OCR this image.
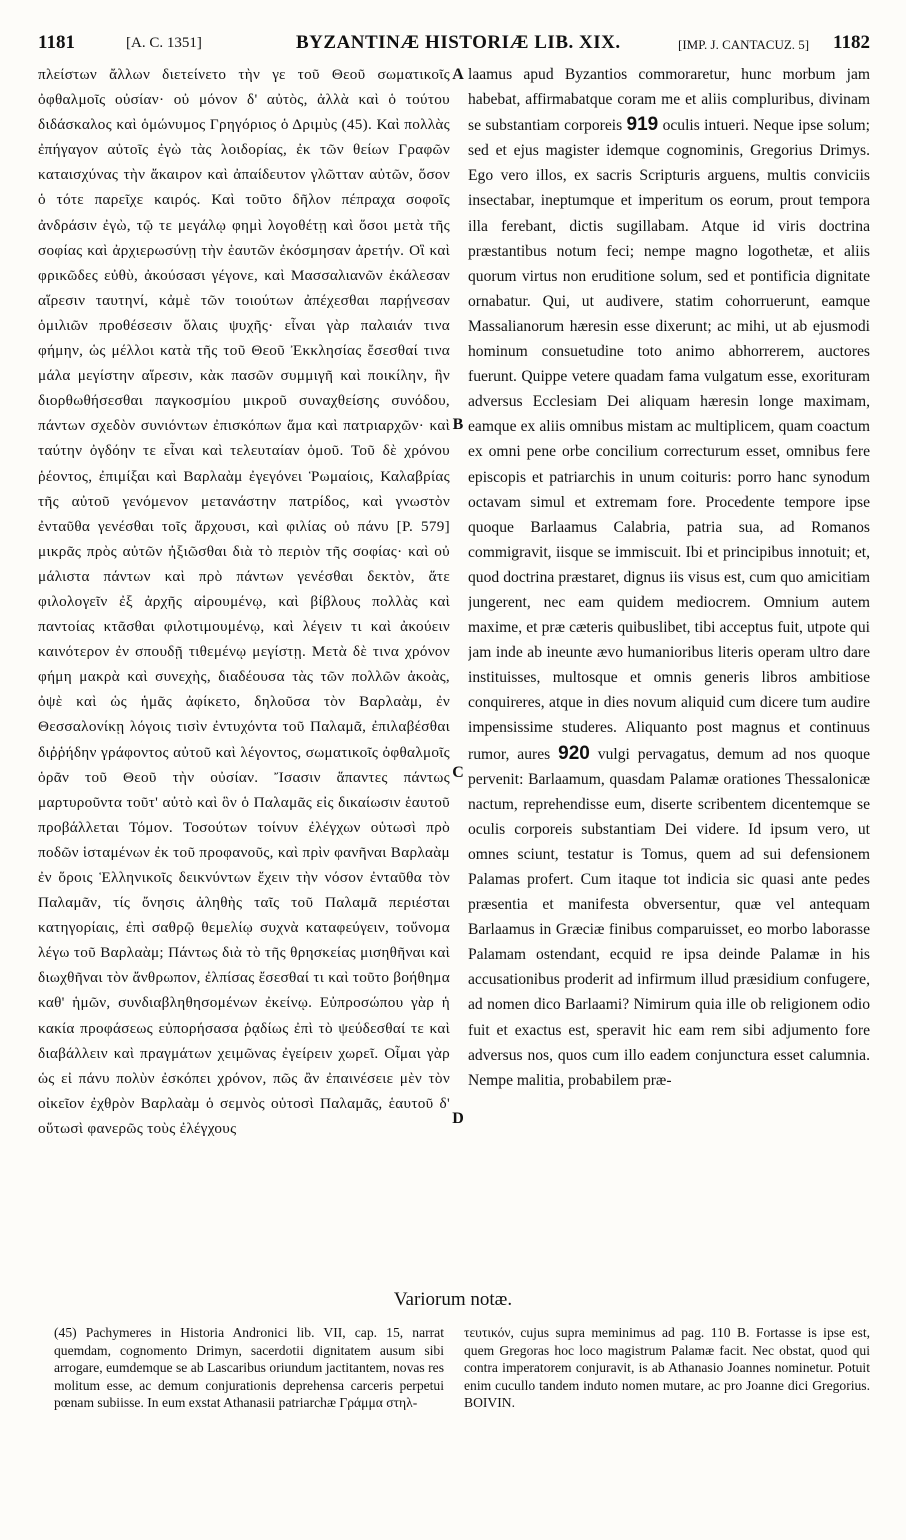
1181	[A. C. 1351]	BYZANTINÆ HISTORIÆ LIB. XIX.	[IMP. J. CANTACUZ. 5] 1182

πλείστων ἄλλων διετείνετο τὴν γε τοῦ Θεοῦ σωματικοῖς ὀφθαλμοῖς οὐσίαν· οὐ μόνον δ' αὐτὸς, ἀλλὰ καὶ ὁ τούτου διδάσκαλος καὶ ὁμώνυμος Γρηγόριος ὁ Δριμὺς (45). Καὶ πολλὰς ἐπήγαγον αὐτοῖς ἐγὼ τὰς λοιδορίας, ἐκ τῶν θείων Γραφῶν καταισχύνας τὴν ἄκαιρον καὶ ἀπαίδευτον γλῶτταν αὐτῶν, ὅσον ὁ τότε παρεῖχε καιρός. Καὶ τοῦτο δῆλον πέπραχα σοφοῖς ἀνδράσιν ἐγὼ, τῷ τε μεγάλῳ φημὶ λογοθέτῃ καὶ ὅσοι μετὰ τῆς σοφίας καὶ ἀρχιερωσύνῃ τὴν ἑαυτῶν ἐκόσμησαν ἀρετήν. Οἳ καὶ φρικῶδες εὐθὺ, ἀκούσασι γέγονε, καὶ Μασσαλιανῶν ἐκάλεσαν αἵρεσιν ταυτηνί, κἀμὲ τῶν τοιούτων ἀπέχεσθαι παρῄνεσαν ὁμιλιῶν προθέσεσιν ὅλαις ψυχῆς· εἶναι γὰρ παλαιάν τινα φήμην, ὡς μέλλοι κατὰ τῆς τοῦ Θεοῦ Ἐκκλησίας ἔσεσθαί τινα μάλα μεγίστην αἵρεσιν, κὰκ πασῶν συμμιγῆ καὶ ποικίλην, ἣν διορθωθήσεσθαι παγκοσμίου μικροῦ συναχθείσης συνόδου, πάντων σχεδὸν συνιόντων ἐπισκόπων ἅμα καὶ πατριαρχῶν· καὶ ταύτην ὀγδόην τε εἶναι καὶ τελευταίαν ὁμοῦ. Τοῦ δὲ χρόνου ῥέοντος, ἐπιμίξαι καὶ Βαρλαὰμ ἐγεγόνει Ῥωμαίοις, Καλαβρίας τῆς αὐτοῦ γενόμενον μετανάστην πατρίδος, καὶ γνωστὸν ἐνταῦθα γενέσθαι τοῖς ἄρχουσι, καὶ φιλίας οὐ πάνυ [P. 579] μικρᾶς πρὸς αὐτῶν ἠξιῶσθαι διὰ τὸ περιὸν τῆς σοφίας· καὶ οὐ μάλιστα πάντων καὶ πρὸ πάντων γενέσθαι δεκτὸν, ἅτε φιλολογεῖν ἐξ ἀρχῆς αἱρουμένῳ, καὶ βίβλους πολλὰς καὶ παντοίας κτᾶσθαι φιλοτιμουμένῳ, καὶ λέγειν τι καὶ ἀκούειν καινότερον ἐν σπουδῇ τιθεμένῳ μεγίστῃ. Μετὰ δὲ τινα χρόνον φήμη μακρὰ καὶ συνεχὴς, διαδέουσα τὰς τῶν πολλῶν ἀκοὰς, ὀψὲ καὶ ὡς ἡμᾶς ἀφίκετο, δηλοῦσα τὸν Βαρλαὰμ, ἐν Θεσσαλονίκῃ λόγοις τισὶν ἐντυχόντα τοῦ Παλαμᾶ, ἐπιλαβέσθαι διῤῥήδην γράφοντος αὐτοῦ καὶ λέγοντος, σωματικοῖς ὀφθαλμοῖς ὁρᾶν τοῦ Θεοῦ τὴν οὐσίαν. Ἴσασιν ἅπαντες πάντως μαρτυροῦντα τοῦτ' αὐτὸ καὶ ὃν ὁ Παλαμᾶς εἰς δικαίωσιν ἑαυτοῦ προβάλλεται Τόμον. Τοσούτων τοίνυν ἐλέγχων οὑτωσὶ πρὸ ποδῶν ἱσταμένων ἐκ τοῦ προφανοῦς, καὶ πρὶν φανῆναι Βαρλαὰμ ἐν ὅροις Ἑλληνικοῖς δεικνύντων ἔχειν τὴν νόσον ἐνταῦθα τὸν Παλαμᾶν, τίς ὄνησις ἀληθὴς ταῖς τοῦ Παλαμᾶ περιέσται κατηγορίαις, ἐπὶ σαθρῷ θεμελίῳ συχνὰ καταφεύγειν, τοὔνομα λέγω τοῦ Βαρλαὰμ; Πάντως διὰ τὸ τῆς θρησκείας μισηθῆναι καὶ διωχθῆναι τὸν ἄνθρωπον, ἐλπίσας ἔσεσθαί τι καὶ τοῦτο βοήθημα καθ' ἡμῶν, συνδιαβληθησομένων ἐκείνῳ. Εὐπροσώπου γὰρ ἡ κακία προφάσεως εὐπορήσασα ῥᾳδίως ἐπὶ τὸ ψεύδεσθαί τε καὶ διαβάλλειν καὶ πραγμάτων χειμῶνας ἐγείρειν χωρεῖ. Οἶμαι γὰρ ὡς εἰ πάνυ πολὺν ἐσκόπει χρόνον, πῶς ἂν ἐπαινέσειε μὲν τὸν οἰκεῖον ἐχθρὸν Βαρλαὰμ ὁ σεμνὸς οὑτοσὶ Παλαμᾶς, ἑαυτοῦ δ' οὕτωσὶ φανερῶς τοὺς ἐλέγχους

A
B
C
D

laamus apud Byzantios commoraretur, hunc morbum jam habebat, affirmabatque coram me et aliis compluribus, divinam se substantiam corporeis 919 oculis intueri. Neque ipse solum; sed et ejus magister idemque cognominis, Gregorius Drimys. Ego vero illos, ex sacris Scripturis arguens, multis conviciis insectabar, ineptumque et imperitum os eorum, prout tempora illa ferebant, dictis sugillabam. Atque id viris doctrina præstantibus notum feci; nempe magno logothetæ, et aliis quorum virtus non eruditione solum, sed et pontificia dignitate ornabatur. Qui, ut audivere, statim cohorruerunt, eamque Massalianorum hæresin esse dixerunt; ac mihi, ut ab ejusmodi hominum consuetudine toto animo abhorrerem, auctores fuerunt. Quippe vetere quadam fama vulgatum esse, exorituram adversus Ecclesiam Dei aliquam hæresin longe maximam, eamque ex aliis omnibus mistam ac multiplicem, quam coactum ex omni pene orbe concilium correcturum esset, omnibus fere episcopis et patriarchis in unum coituris: porro hanc synodum octavam simul et extremam fore. Procedente tempore ipse quoque Barlaamus Calabria, patria sua, ad Romanos commigravit, iisque se immiscuit. Ibi et principibus innotuit; et, quod doctrina præstaret, dignus iis visus est, cum quo amicitiam jungerent, nec eam quidem mediocrem. Omnium autem maxime, et præ cæteris quibuslibet, tibi acceptus fuit, utpote qui jam inde ab ineunte ævo humanioribus literis operam ultro dare instituisses, multosque et omnis generis libros ambitiose conquireres, atque in dies novum aliquid cum dicere tum audire impensissime studeres. Aliquanto post magnus et continuus rumor, aures 920 vulgi pervagatus, demum ad nos quoque pervenit: Barlaamum, quasdam Palamæ orationes Thessalonicæ nactum, reprehendisse eum, diserte scribentem dicentemque se oculis corporeis substantiam Dei videre. Id ipsum vero, ut omnes sciunt, testatur is Tomus, quem ad sui defensionem Palamas profert. Cum itaque tot indicia sic quasi ante pedes præsentia et manifesta obversentur, quæ vel antequam Barlaamus in Græciæ finibus comparuisset, eo morbo laborasse Palamam ostendant, ecquid re ipsa deinde Palamæ in his accusationibus proderit ad infirmum illud præsidium confugere, ad nomen dico Barlaami? Nimirum quia ille ob religionem odio fuit et exactus est, speravit hic eam rem sibi adjumento fore adversus nos, quos cum illo eadem conjunctura esset calumnia. Nempe malitia, probabilem præ-

Variorum notæ.

(45) Pachymeres in Historia Andronici lib. VII, cap. 15, narrat quemdam, cognomento Drimyn, sacerdotii dignitatem ausum sibi arrogare, eumdemque se ab Lascaribus oriundum jactitantem, novas res molitum esse, ac demum conjurationis deprehensa carceris perpetui pœnam subiisse. In eum exstat Athanasii patriarchæ Γράμμα στηλ-

τευτικόν, cujus supra meminimus ad pag. 110 B. Fortasse is ipse est, quem Gregoras hoc loco magistrum Palamæ facit. Nec obstat, quod qui contra imperatorem conjuravit, is ab Athanasio Joannes nominetur. Potuit enim cucullo tandem induto nomen mutare, ac pro Joanne dici Gregorius. BOIVIN.
